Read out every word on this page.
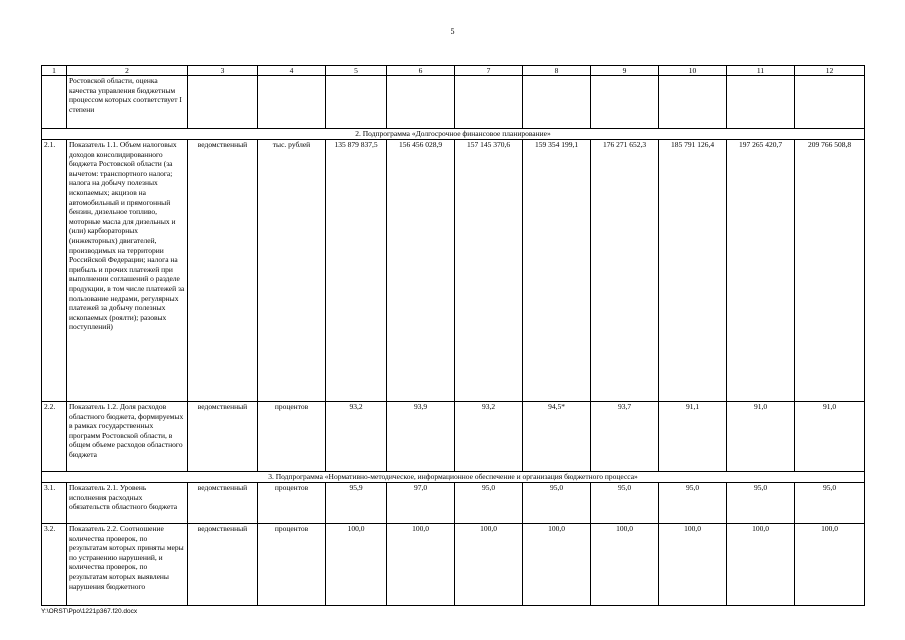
5
1	2	3	4	5	6	7	8	9	10	11	12
	Ростовской области, оценка качества управления бюджетным процессом которых соответствует I степени										
2. Подпрограмма «Долгосрочное финансовое планирование»											
2.1.	Показатель 1.1. Объем налоговых доходов консолидированного бюджета Ростовской области (за вычетом: транспортного налога; налога на добычу полезных ископаемых; акцизов на автомобильный и прямогонный бензин, дизельное топливо, моторные масла для дизельных и (или) карбюраторных (инжекторных) двигателей, производимых на территории Российской Федерации; налога на прибыль и прочих платежей при выполнении соглашений о разделе продукции, в том числе платежей за пользование недрами, регулярных платежей за добычу полезных ископаемых (роялти); разовых поступлений)	ведомственный	тыс. рублей	135 879 837,5	156 456 028,9	157 145 370,6	159 354 199,1	176 271 652,3	185 791 126,4	197 265 420,7	209 766 508,8
2.2.	Показатель 1.2. Доля расходов областного бюджета, формируемых в рамках государственных программ Ростовской области, в общем объеме расходов областного бюджета	ведомственный	процентов	93,2	93,9	93,2	94,5*	93,7	91,1	91,0	91,0
3. Подпрограмма «Нормативно-методическое, информационное обеспечение и организация бюджетного процесса»											
3.1.	Показатель 2.1. Уровень исполнения расходных обязательств областного бюджета	ведомственный	процентов	95,9	97,0	95,0	95,0	95,0	95,0	95,0	95,0
3.2.	Показатель 2.2. Соотношение количества проверок, по результатам которых приняты меры по устранению нарушений, и количества проверок, по результатам которых выявлены нарушения бюджетного	ведомственный	процентов	100,0	100,0	100,0	100,0	100,0	100,0	100,0	100,0
Y:\ORST\Ppo\1221p367.f20.docx
